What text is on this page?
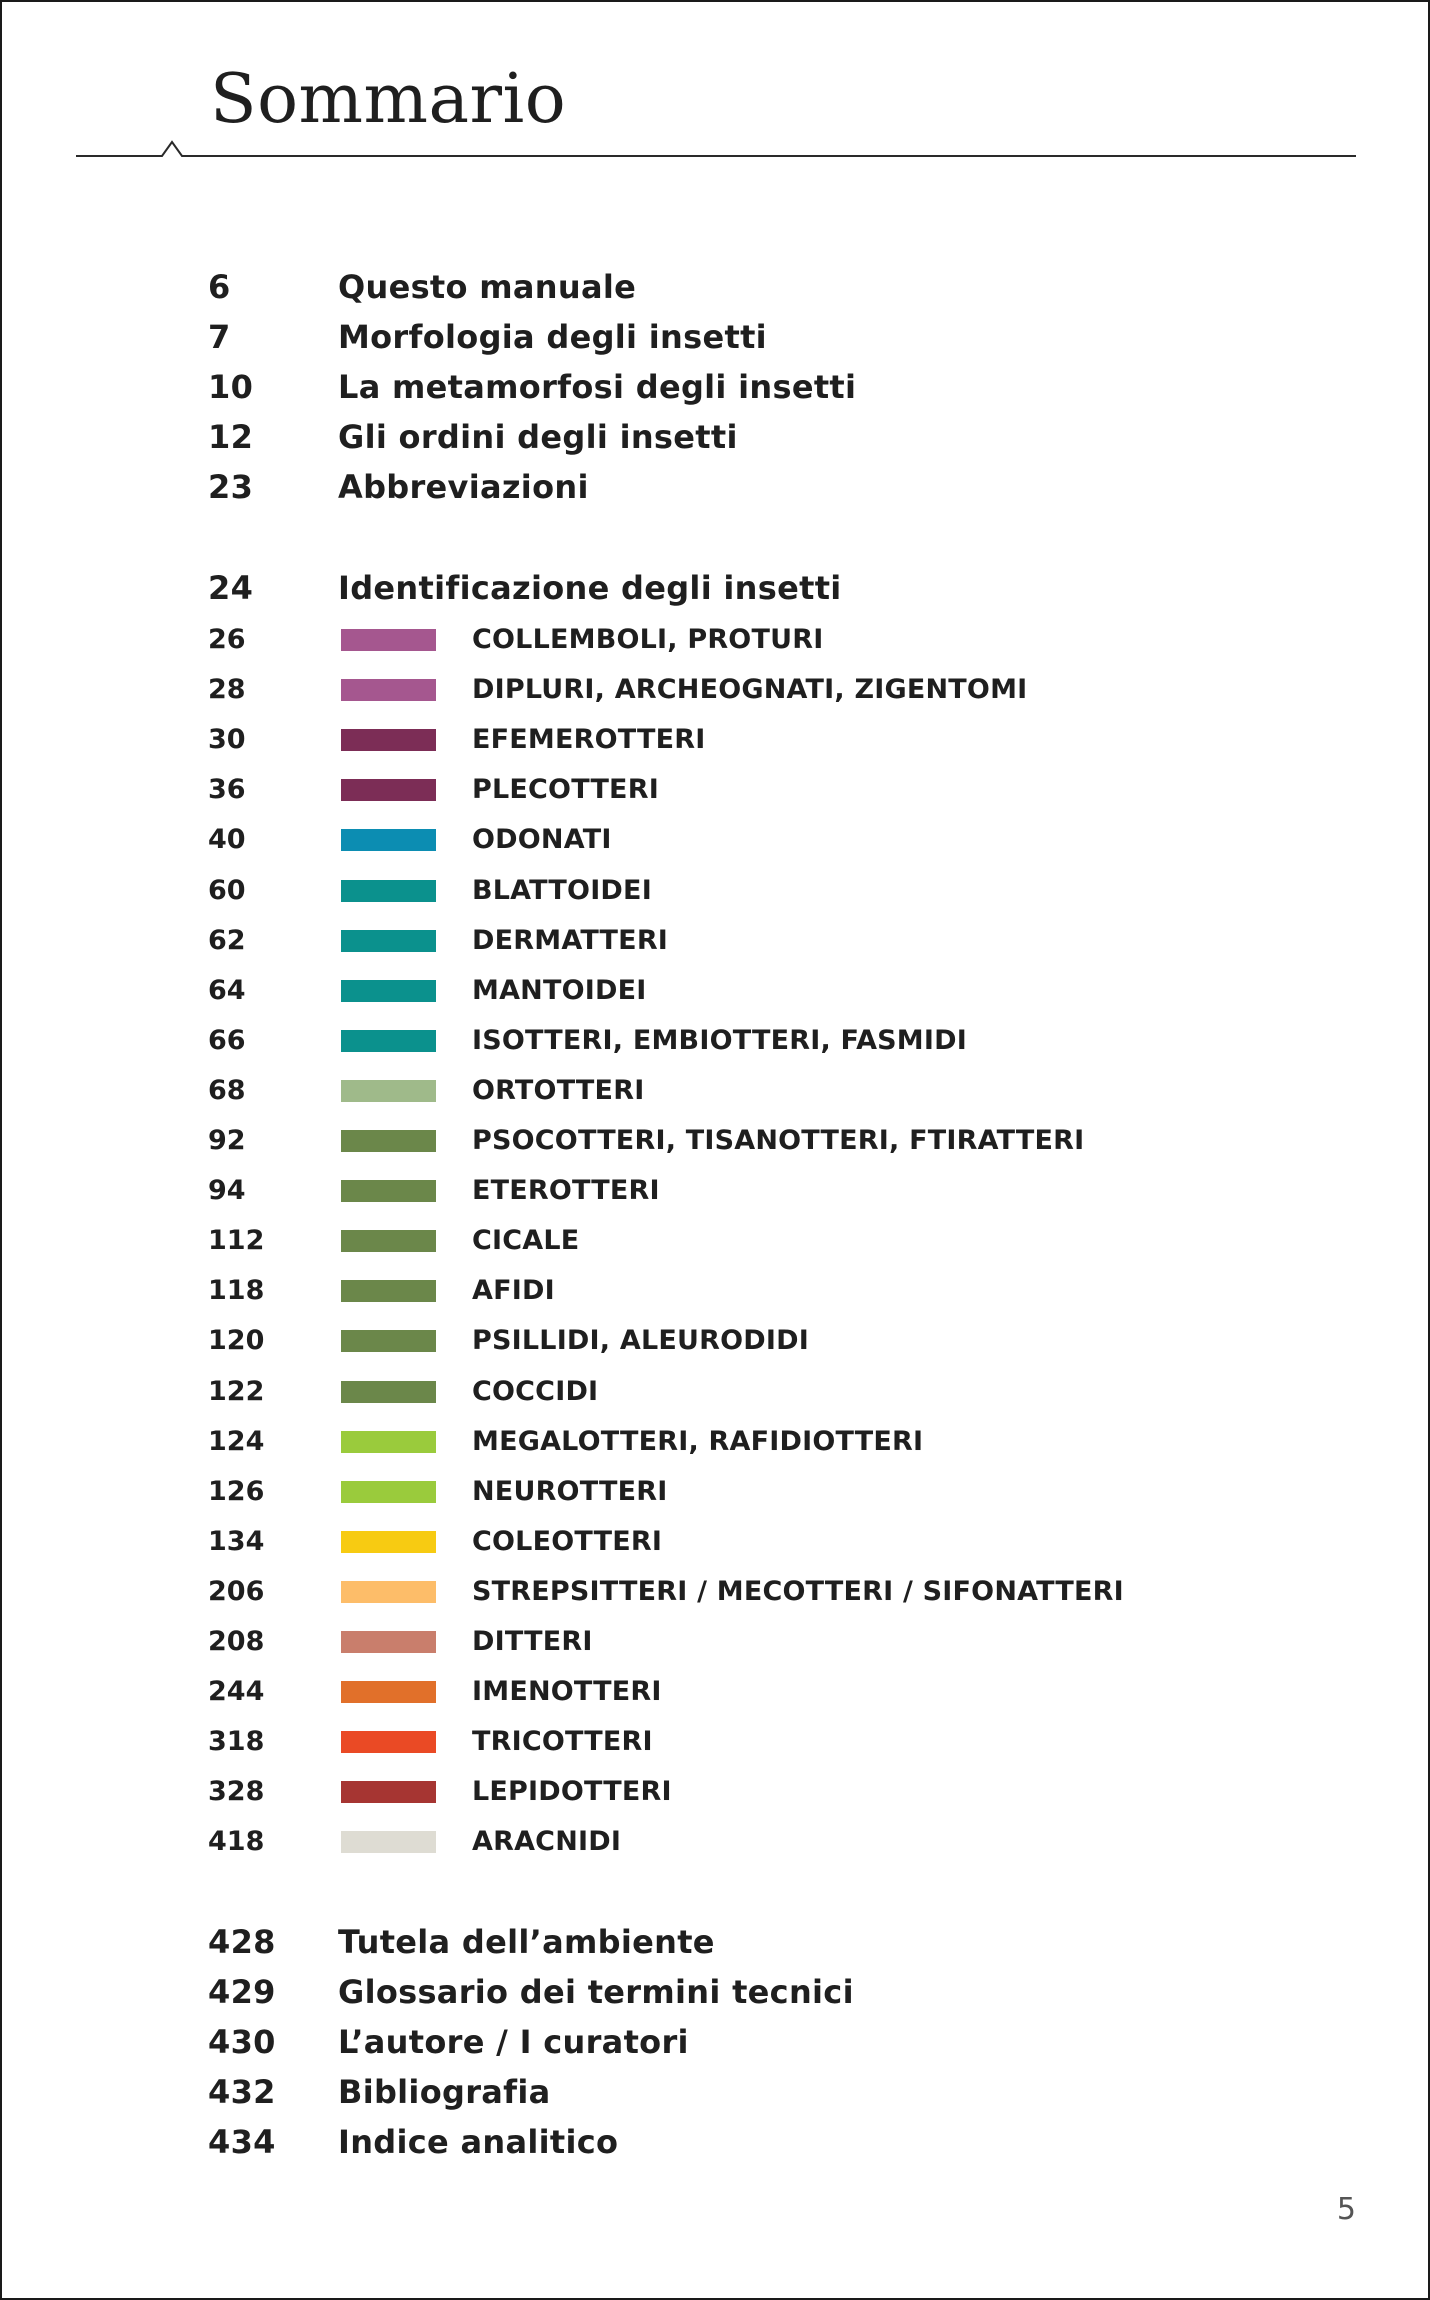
Sommario
6	Questo manuale
7	Morfologia degli insetti
10	La metamorfosi degli insetti
12	Gli ordini degli insetti
23	Abbreviazioni
24	Identificazione degli insetti
26	COLLEMBOLI, PROTURI
28	DIPLURI, ARCHEOGNATI, ZIGENTOMI
30	EFEMEROTTERI
36	PLECOTTERI
40	ODONATI
60	BLATTOIDEI
62	DERMATTERI
64	MANTOIDEI
66	ISOTTERI, EMBIOTTERI, FASMIDI
68	ORTOTTERI
92	PSOCOTTERI, TISANOTTERI, FTIRATTERI
94	ETEROTTERI
112	CICALE
118	AFIDI
120	PSILLIDI, ALEURODIDI
122	COCCIDI
124	MEGALOTTERI, RAFIDIOTTERI
126	NEUROTTERI
134	COLEOTTERI
206	STREPSITTERI / MECOTTERI / SIFONATTERI
208	DITTERI
244	IMENOTTERI
318	TRICOTTERI
328	LEPIDOTTERI
418	ARACNIDI
428 Tutela dell’ambiente
429 Glossario dei termini tecnici
430 L’autore / I curatori
432 Bibliografia
434 Indice analitico
5
